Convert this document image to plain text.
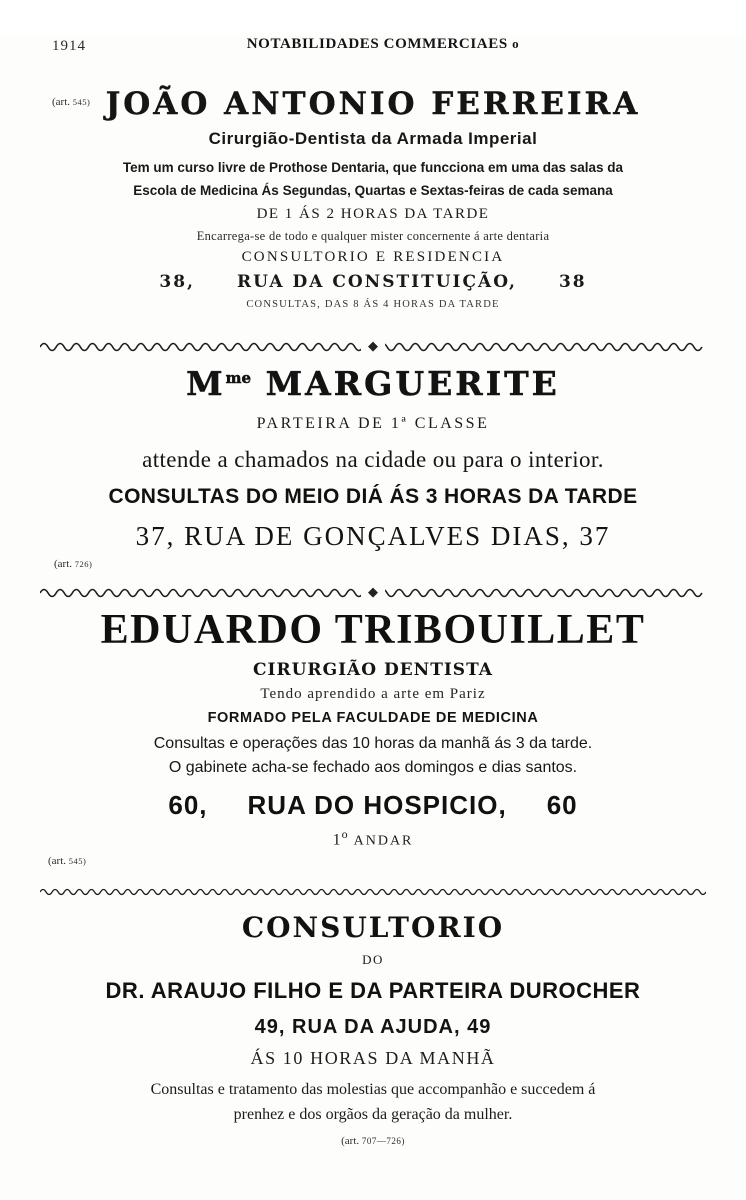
1914	NOTABILIDADES COMMERCIAES o
JOÃO ANTONIO FERREIRA
Cirurgião-Dentista da Armada Imperial
Tem um curso livre de Prothose Dentaria, que funcciona em uma das salas da
Escola de Medicina Ás Segundas, Quartas e Sextas-feiras de cada semana
DE 1 ÁS 2 HORAS DA TARDE
Encarrega-se de todo e qualquer mister concernente á arte dentaria
CONSULTORIO E RESIDENCIA
38, RUA DA CONSTITUIÇÃO, 38
CONSULTAS, DAS 8 ÁS 4 HORAS DA TARDE
(art. 545)
◆
$M^{me}$ MARGUERITE
PARTEIRA DE 1ª CLASSE
attende a chamados na cidade ou para o interior.
CONSULTAS DO MEIO DIÁ ÁS 3 HORAS DA TARDE
37, RUA DE GONÇALVES DIAS, 37
(art. 726)
◆
EDUARDO TRIBOUILLET
CIRURGIÃO DENTISTA
Tendo aprendido a arte em Pariz
FORMADO PELA FACULDADE DE MEDICINA
Consultas e operações das 10 horas da manhã ás 3 da tarde.
O gabinete acha-se fechado aos domingos e dias santos.
60, RUA DO HOSPICIO, 60
1$^o$ ANDAR
(art. 545)
CONSULTORIO
DO
DR. ARAUJO FILHO E DA PARTEIRA DUROCHER
49, RUA DA AJUDA, 49
ÁS 10 HORAS DA MANHÃ
Consultas e tratamento das molestias que accompanhão e succedem á
prenhez e dos orgãos da geração da mulher.
(art. 707—726)
